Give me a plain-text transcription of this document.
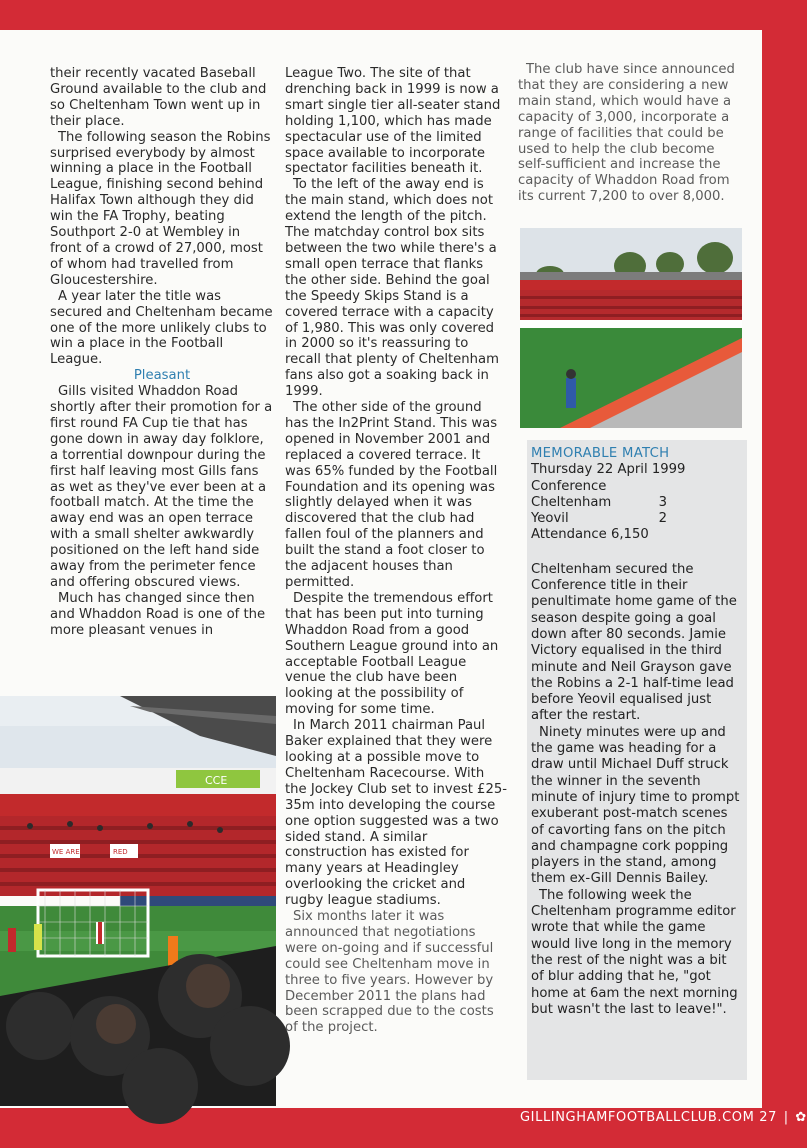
their recently vacated Baseball Ground available to the club and so Cheltenham Town went up in their place.

The following season the Robins surprised everybody by almost winning a place in the Football League, finishing second behind Halifax Town although they did win the FA Trophy, beating Southport 2-0 at Wembley in front of a crowd of 27,000, most of whom had travelled from Gloucestershire.

A year later the title was secured and Cheltenham became one of the more unlikely clubs to win a place in the Football League.

Pleasant

Gills visited Whaddon Road shortly after their promotion for a first round FA Cup tie that has gone down in away day folklore, a torrential downpour during the first half leaving most Gills fans as wet as they've ever been at a football match. At the time the away end was an open terrace with a small shelter awkwardly positioned on the left hand side away from the perimeter fence and offering obscured views.

Much has changed since then and Whaddon Road is one of the more pleasant venues in

League Two. The site of that drenching back in 1999 is now a smart single tier all-seater stand holding 1,100, which has made spectacular use of the limited space available to incorporate spectator facilities beneath it.

To the left of the away end is the main stand, which does not extend the length of the pitch. The matchday control box sits between the two while there's a small open terrace that flanks the other side. Behind the goal the Speedy Skips Stand is a covered terrace with a capacity of 1,980. This was only covered in 2000 so it's reassuring to recall that plenty of Cheltenham fans also got a soaking back in 1999.

The other side of the ground has the In2Print Stand. This was opened in November 2001 and replaced a covered terrace. It was 65% funded by the Football Foundation and its opening was slightly delayed when it was discovered that the club had fallen foul of the planners and built the stand a foot closer to the adjacent houses than permitted.

Despite the tremendous effort that has been put into turning Whaddon Road from a good Southern League ground into an acceptable Football League venue the club have been looking at the possibility of moving for some time.

In March 2011 chairman Paul Baker explained that they were looking at a possible move to Cheltenham Racecourse. With the Jockey Club set to invest £25-35m into developing the course one option suggested was a two sided stand. A similar construction has existed for many years at Headingley overlooking the cricket and rugby league stadiums.

Six months later it was announced that negotiations were on-going and if successful could see Cheltenham move in three to five years. However by December 2011 the plans had been scrapped due to the costs of the project.

The club have since announced that they are considering a new main stand, which would have a capacity of 3,000, incorporate a range of facilities that could be used to help the club become self-sufficient and increase the capacity of Whaddon Road from its current 7,200 to over 8,000.

CCE
WE ARE	RED
MEMORABLE MATCH
Thursday 22 April 1999
Conference
Cheltenham	3
Yeovil	2
Attendance 6,150

Cheltenham secured the Conference title in their penultimate home game of the season despite going a goal down after 80 seconds. Jamie Victory equalised in the third minute and Neil Grayson gave the Robins a 2-1 half-time lead before Yeovil equalised just after the restart.

Ninety minutes were up and the game was heading for a draw until Michael Duff struck the winner in the seventh minute of injury time to prompt exuberant post-match scenes of cavorting fans on the pitch and champagne cork popping players in the stand, among them ex-Gill Dennis Bailey.

The following week the Cheltenham programme editor wrote that while the game would live long in the memory the rest of the night was a bit of blur adding that he, "got home at 6am the next morning but wasn't the last to leave!".

GILLINGHAMFOOTBALLCLUB.COM 27 | ✿
